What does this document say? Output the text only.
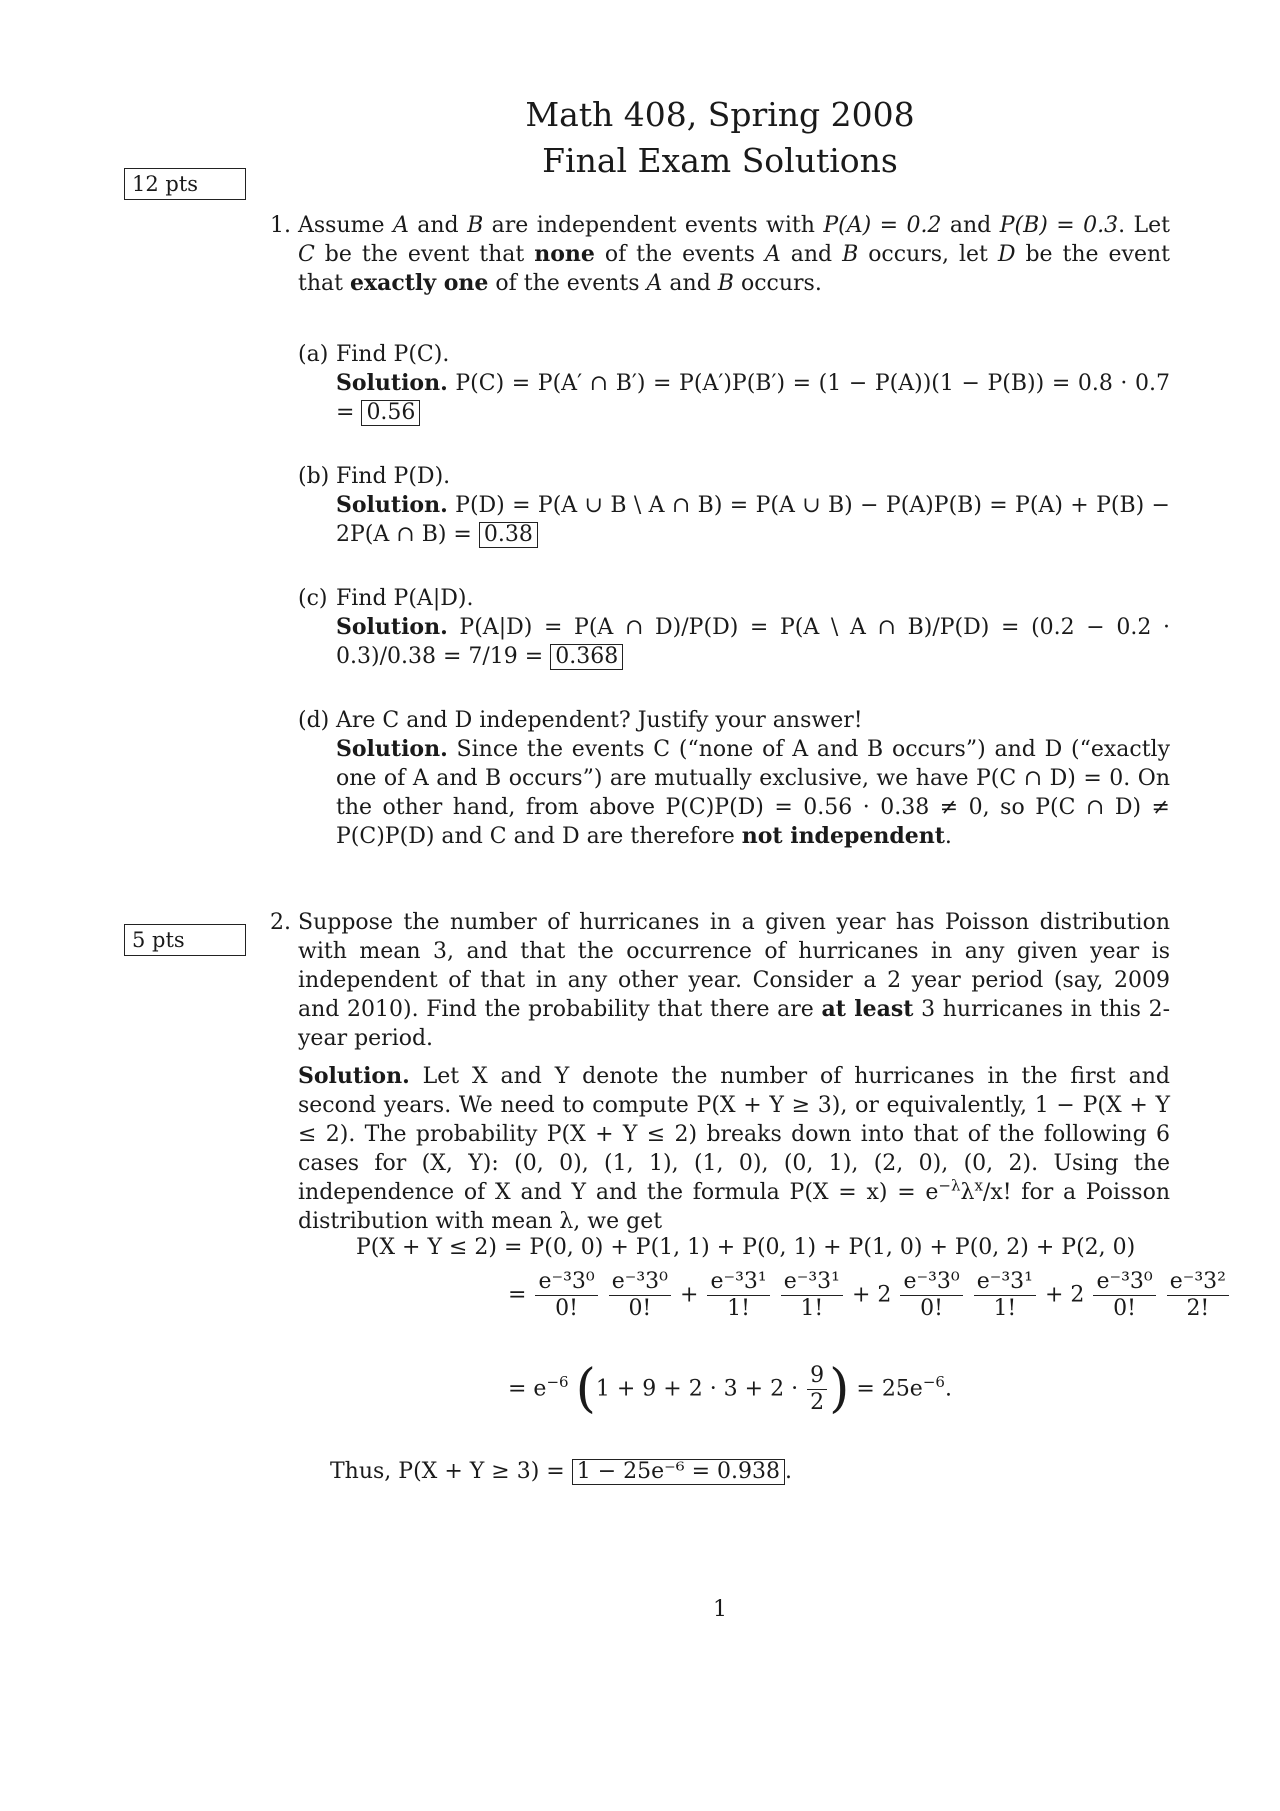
Math 408, Spring 2008
Final Exam Solutions
12 pts
1. Assume A and B are independent events with P(A) = 0.2 and P(B) = 0.3. Let C be the event that none of the events A and B occurs, let D be the event that exactly one of the events A and B occurs.

(a) Find P(C).

Solution. P(C) = P(A′ ∩ B′) = P(A′)P(B′) = (1 − P(A))(1 − P(B)) = 0.8 · 0.7 = 0.56

(b) Find P(D).

Solution. P(D) = P(A ∪ B \ A ∩ B) = P(A ∪ B) − P(A)P(B) = P(A) + P(B) − 2P(A ∩ B) = 0.38

(c) Find P(A|D).

Solution. P(A|D) = P(A ∩ D)/P(D) = P(A \ A ∩ B)/P(D) = (0.2 − 0.2 · 0.3)/0.38 = 7/19 = 0.368

(d) Are C and D independent? Justify your answer!

Solution. Since the events C (“none of A and B occurs”) and D (“exactly one of A and B occurs”) are mutually exclusive, we have P(C ∩ D) = 0. On the other hand, from above P(C)P(D) = 0.56 · 0.38 ≠ 0, so P(C ∩ D) ≠ P(C)P(D) and C and D are therefore not independent.

5 pts
2. Suppose the number of hurricanes in a given year has Poisson distribution with mean 3, and that the occurrence of hurricanes in any given year is independent of that in any other year. Consider a 2 year period (say, 2009 and 2010). Find the probability that there are at least 3 hurricanes in this 2-year period.

Solution. Let X and Y denote the number of hurricanes in the first and second years. We need to compute P(X + Y ≥ 3), or equivalently, 1 − P(X + Y ≤ 2). The probability P(X + Y ≤ 2) breaks down into that of the following 6 cases for (X, Y): (0, 0), (1, 1), (1, 0), (0, 1), (2, 0), (0, 2). Using the independence of X and Y and the formula $P(X = x) = e^{-\lambda}\lambda^x/x$! for a Poisson distribution with mean λ, we get

P(X + Y ≤ 2) = P(0, 0) + P(1, 1) + P(0, 1) + P(1, 0) + P(0, 2) + P(2, 0)
= $\frac{\text{e⁻³3⁰}}{0!}$
$\frac{\text{e⁻³3⁰}}{0!} + \frac{\text{e⁻³3¹}}{1!}$
$\frac{\text{e⁻³3¹}}{1!} + 2 \frac{\text{e⁻³3⁰}}{0!}$
$\frac{\text{e⁻³3¹}}{1!} + 2 \frac{\text{e⁻³3⁰}}{0!}$
$\frac{\text{e⁻³3²}}{2!}$
= $e^{-6}$ ($1 + 9 + 2 \cdot 3 + 2 \cdot \frac{9}{2}$ ) = $25e^{-6}$.
Thus, P(X + Y ≥ 3) = 1 − 25e⁻⁶ = 0.938 .
1
